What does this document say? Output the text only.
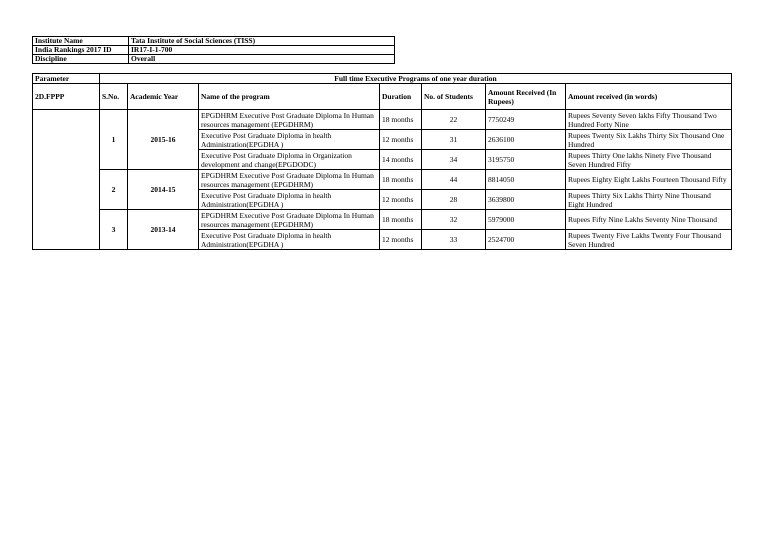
Institute Name	Tata Institute of Social Sciences (TISS)
India Rankings 2017 ID	IR17-I-1-700
Discipline	Overall
Parameter	Full time Executive Programs of one year duration						
2D.FPPP	S.No.	Academic Year	Name of the program	Duration	No. of Students	Amount Received (In Rupees)	Amount received (in words)
	1	2015-16	EPGDHRM Executive Post Graduate Diploma In Human resources management (EPGDHRM)	18 months	22	7750249	Rupees Seventy Seven lakhs Fifty Thousand Two Hundred Forty Nine
			Executive Post Graduate Diploma in health Administration(EPGDHA )	12 months	31	2636100	Rupees Twenty Six Lakhs Thirty Six Thousand One Hundred
			Executive Post Graduate Diploma in Organization development and change(EPGDODC)	14 months	34	3195750	Rupees Thirty One lakhs Ninety Five Thousand Seven Hundred Fifty
	2	2014-15	EPGDHRM Executive Post Graduate Diploma In Human resources management (EPGDHRM)	18 months	44	8814050	Rupees Eighty Eight Lakhs Fourteen Thousand Fifty
			Executive Post Graduate Diploma in health Administration(EPGDHA )	12 months	28	3639800	Rupees Thirty Six Lakhs Thirty Nine Thousand Eight Hundred
	3	2013-14	EPGDHRM Executive Post Graduate Diploma In Human resources management (EPGDHRM)	18 months	32	5979000	Rupees Fifty Nine Lakhs Seventy Nine Thousand
			Executive Post Graduate Diploma in health Administration(EPGDHA )	12 months	33	2524700	Rupees Twenty Five Lakhs Twenty Four Thousand Seven Hundred
